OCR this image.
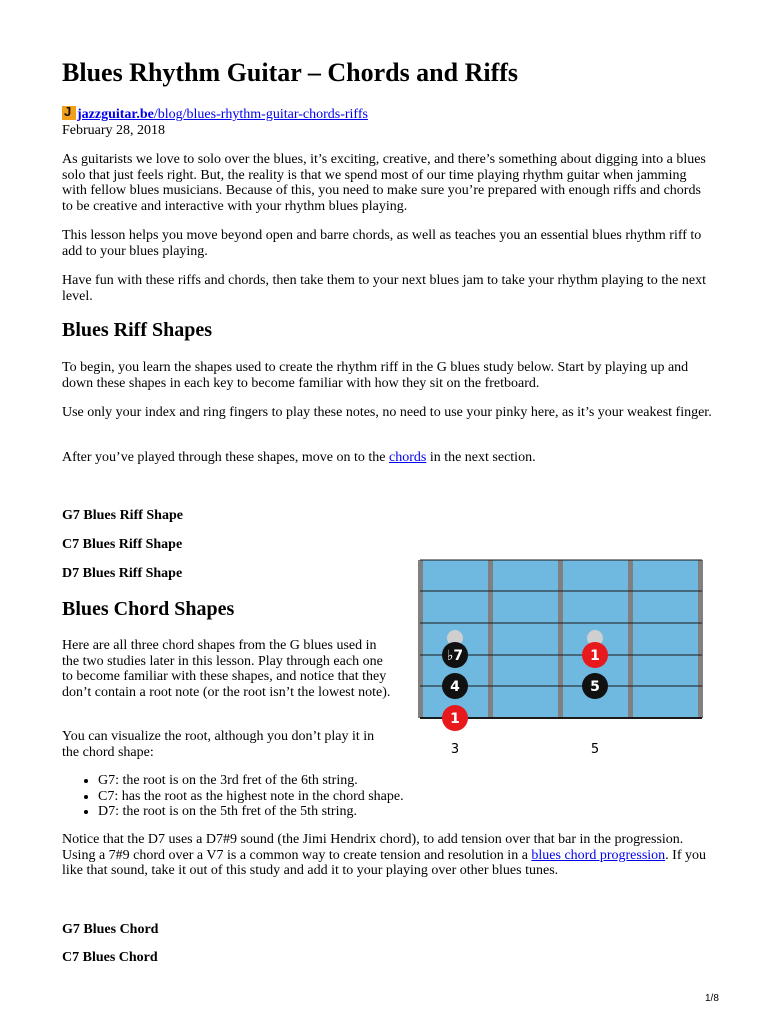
Blues Rhythm Guitar – Chords and Riffs
J jazzguitar.be/blog/blues-rhythm-guitar-chords-riffs
February 28, 2018

As guitarists we love to solo over the blues, it’s exciting, creative, and there’s something about digging into a blues solo that just feels right. But, the reality is that we spend most of our time playing rhythm guitar when jamming with fellow blues musicians. Because of this, you need to make sure you’re prepared with enough riffs and chords to be creative and interactive with your rhythm blues playing.

This lesson helps you move beyond open and barre chords, as well as teaches you an essential blues rhythm riff to add to your blues playing.

Have fun with these riffs and chords, then take them to your next blues jam to take your rhythm playing to the next level.

Blues Riff Shapes

To begin, you learn the shapes used to create the rhythm riff in the G blues study below. Start by playing up and down these shapes in each key to become familiar with how they sit on the fretboard.

Use only your index and ring fingers to play these notes, no need to use your pinky here, as it’s your weakest finger.

After you’ve played through these shapes, move on to the chords in the next section.

G7 Blues Riff Shape
C7 Blues Riff Shape
D7 Blues Riff Shape
Blues Chord Shapes

Here are all three chord shapes from the G blues used in the two studies later in this lesson. Play through each one to become familiar with these shapes, and notice that they don’t contain a root note (or the root isn’t the lowest note).

You can visualize the root, although you don’t play it in the chord shape:

• G7: the root is on the 3rd fret of the 6th string.
• C7: has the root as the highest note in the chord shape.
• D7: the root is on the 5th fret of the 5th string.

Notice that the D7 uses a D7#9 sound (the Jimi Hendrix chord), to add tension over that bar in the progression. Using a 7#9 chord over a V7 is a common way to create tension and resolution in a blues chord progression. If you like that sound, take it out of this study and add it to your playing over other blues tunes.

G7 Blues Chord
C7 Blues Chord
♭7
4
1
1
5
3	5
1/8
